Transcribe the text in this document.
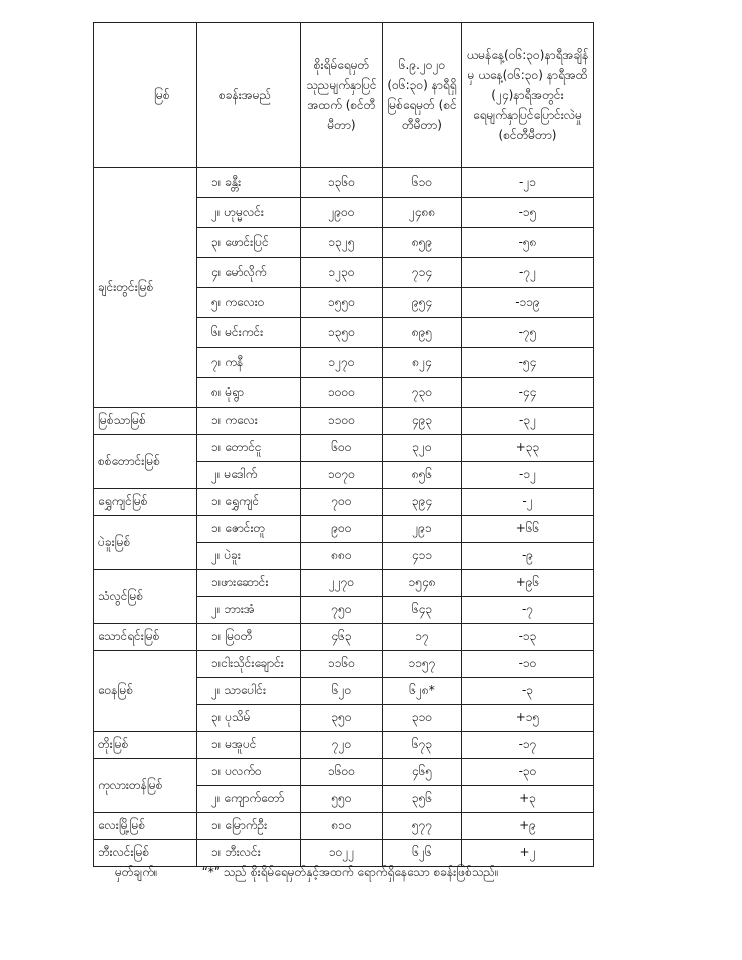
မြစ်	စခန်းအမည်	စိုးရိမ်ရေမှတ် သုညမျက်နှာပြင် အထက် (စင်တီမီတာ)	၆.၉.၂၀၂၀ (၀၆:၃၀) နာရီရှိ မြစ်ရေမှတ် (စင်တီမီတာ)	ယမန်နေ့(၀၆:၃၀)နာရီအချိန်မှ ယနေ့(၀၆:၃၀) နာရီအထိ (၂၄)နာရီအတွင်း ရေမျက်နှာပြင်ပြောင်းလဲမှု (စင်တီမီတာ)
ချင်းတွင်းမြစ်	၁။ ခန္တီး	၁၃၆၀	၆၁၀	-၂၁
	၂။ ဟုမ္မလင်း	၂၉၀၀	၂၄၈၈	-၁၅
	၃။ ဖောင်းပြင်	၁၃၂၅	၈၅၉	-၅၈
	၄။ မော်လိုက်	၁၂၃၀	၇၁၄	-၇၂
	၅။ ကလေးဝ	၁၅၅၀	၉၅၄	-၁၁၉
	၆။ မင်းကင်း	၁၃၅၀	၈၉၅	-၇၅
	၇။ ကနီ	၁၂၇၀	၈၂၄	-၅၄
	၈။ မုံရွာ	၁၀၀၀	၇၃၀	-၄၄
မြစ်သာမြစ်	၁။ ကလေး	၁၁၀၀	၄၉၃	-၃၂
စစ်တောင်းမြစ်	၁။ တောင်ငူ	၆၀၀	၃၂၀	+၃၃
	၂။ မဒေါက်	၁၀၇၀	၈၅၆	-၁၂
ရွှေကျင်မြစ်	၁။ ရွှေကျင်	၇၀၀	၃၉၄	-၂
ပဲခူးမြစ်	၁။ ဇောင်းတူ	၉၀၀	၂၉၁	+၆၆
	၂။ ပဲခူး	၈၈၀	၄၁၁	-၉
သံလွင်မြစ်	၁။ဖားဆောင်း	၂၂၇၀	၁၅၄၈	+၉၆
	၂။ ဘားအံ	၇၅၀	၆၄၃	-၇
သောင်ရင်းမြစ်	၁။ မြဝတီ	၄၆၃	၁၇	-၁၃
ဝေနမြစ်	၁။ငါးသိုင်းချောင်း	၁၁၆၀	၁၁၅၇	-၁၀
	၂။ သာပေါင်း	၆၂၀	၆၂၈*	-၃
	၃။ ပုသိမ်	၃၅၀	၃၁၀	+၁၅
တိုးမြစ်	၁။ မအူပင်	၇၂၀	၆၇၃	-၁၇
ကုလားတန်မြစ်	၁။ ပလက်ဝ	၁၆၀၀	၄၆၅	-၃၀
	၂။ ကျောက်တော်	၅၅၀	၃၅၆	+၃
လေးမြို့မြစ်	၁။ မြောက်ဦး	၈၁၀	၅၇၇	+၉
ဘီးလင်းမြစ်	၁။ ဘီးလင်း	၁၀၂၂	၆၂၆	+၂
မှတ်ချက်။	“*” သည် စိုးရိမ်ရေမှတ်နှင့်အထက် ရောက်ရှိနေသော စခန်းဖြစ်သည်။
